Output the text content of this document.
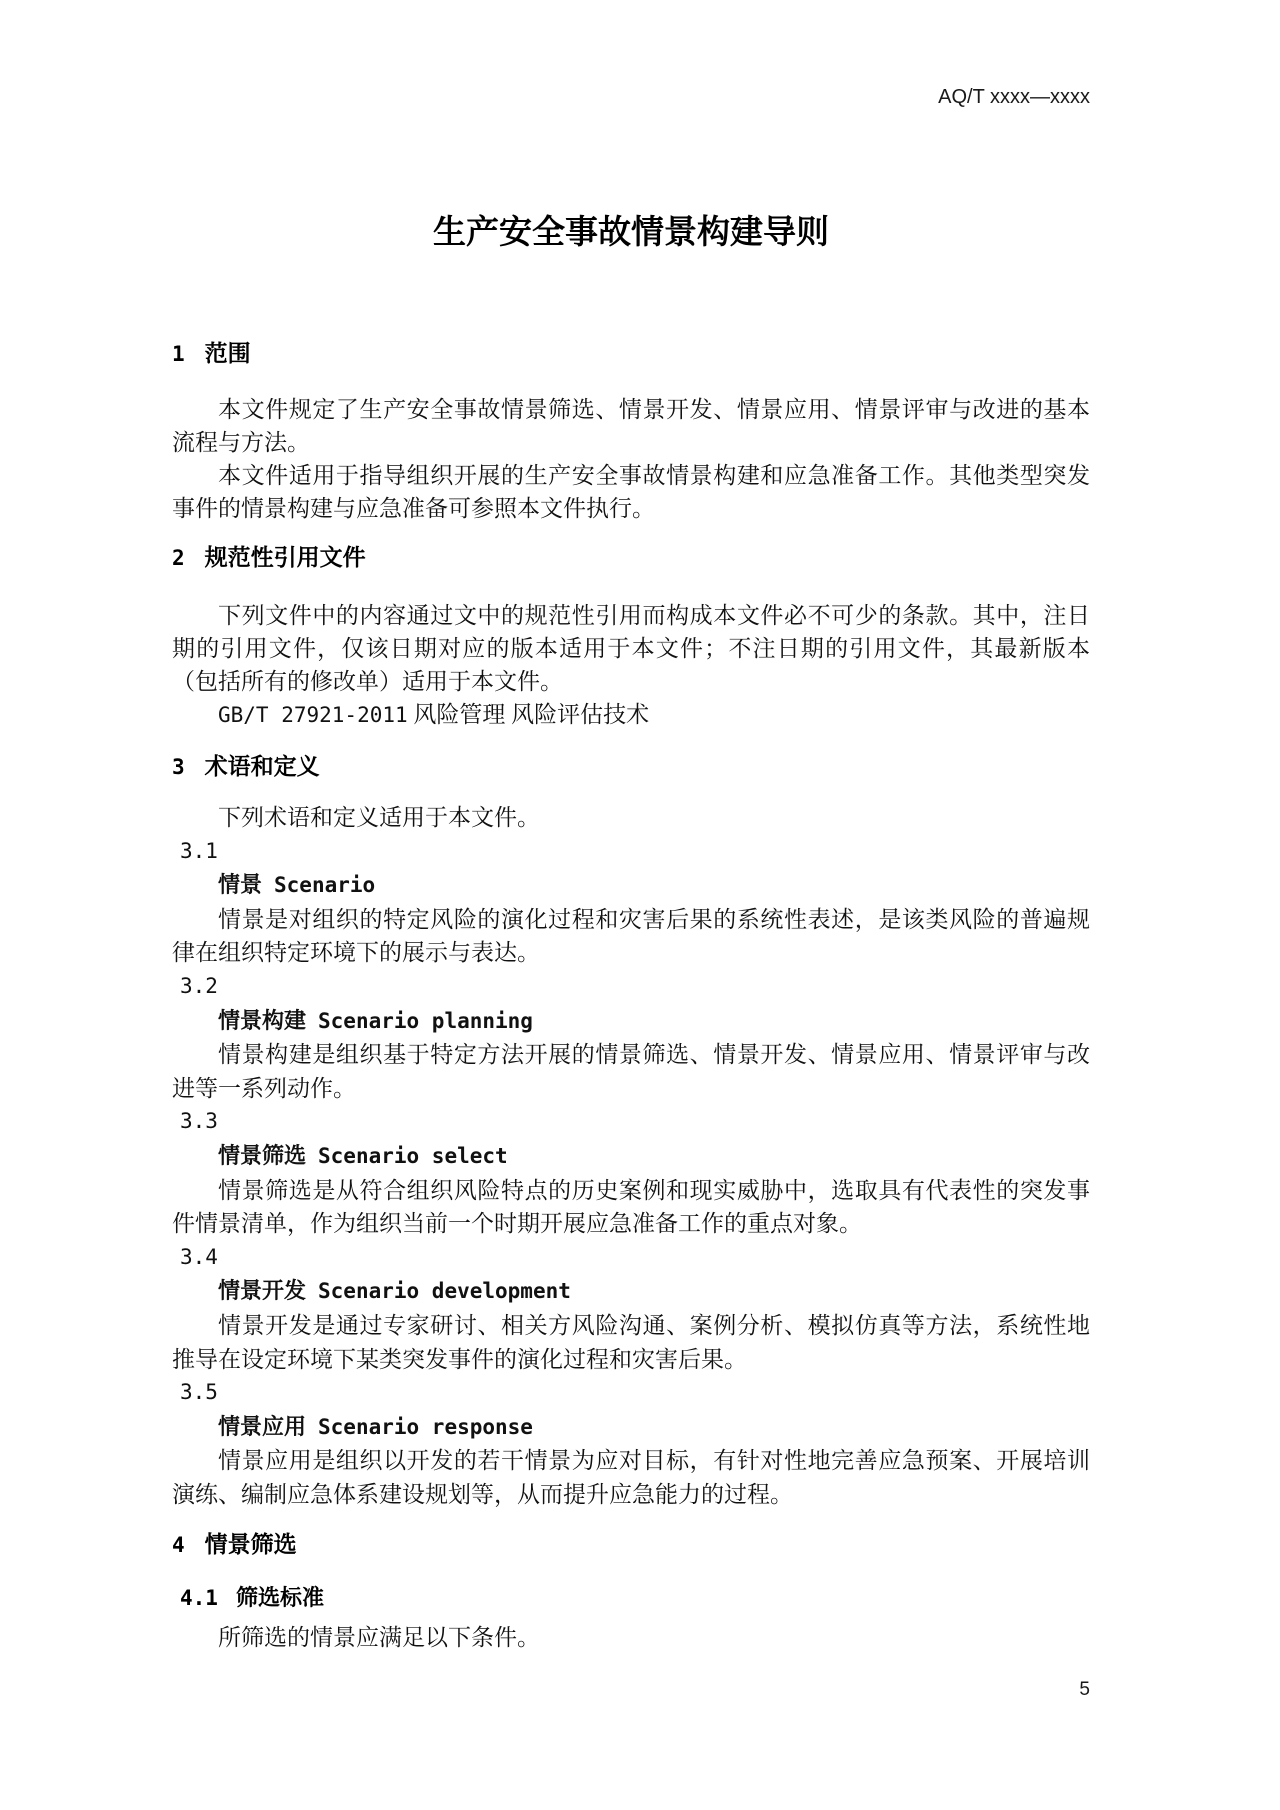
AQ/T xxxx—xxxx
生产安全事故情景构建导则
1 范围

本文件规定了生产安全事故情景筛选、情景开发、情景应用、情景评审与改进的基本流程与方法。

本文件适用于指导组织开展的生产安全事故情景构建和应急准备工作。其他类型突发事件的情景构建与应急准备可参照本文件执行。

2 规范性引用文件

下列文件中的内容通过文中的规范性引用而构成本文件必不可少的条款。其中，注日期的引用文件，仅该日期对应的版本适用于本文件；不注日期的引用文件，其最新版本（包括所有的修改单）适用于本文件。

GB/T 27921-2011 风险管理 风险评估技术

3 术语和定义

下列术语和定义适用于本文件。

3.1
情景 Scenario

情景是对组织的特定风险的演化过程和灾害后果的系统性表述，是该类风险的普遍规律在组织特定环境下的展示与表达。

3.2
情景构建 Scenario planning

情景构建是组织基于特定方法开展的情景筛选、情景开发、情景应用、情景评审与改进等一系列动作。

3.3
情景筛选 Scenario select

情景筛选是从符合组织风险特点的历史案例和现实威胁中，选取具有代表性的突发事件情景清单，作为组织当前一个时期开展应急准备工作的重点对象。

3.4
情景开发 Scenario development

情景开发是通过专家研讨、相关方风险沟通、案例分析、模拟仿真等方法，系统性地推导在设定环境下某类突发事件的演化过程和灾害后果。

3.5
情景应用 Scenario response

情景应用是组织以开发的若干情景为应对目标，有针对性地完善应急预案、开展培训演练、编制应急体系建设规划等，从而提升应急能力的过程。

4 情景筛选
4.1 筛选标准

所筛选的情景应满足以下条件。

5
